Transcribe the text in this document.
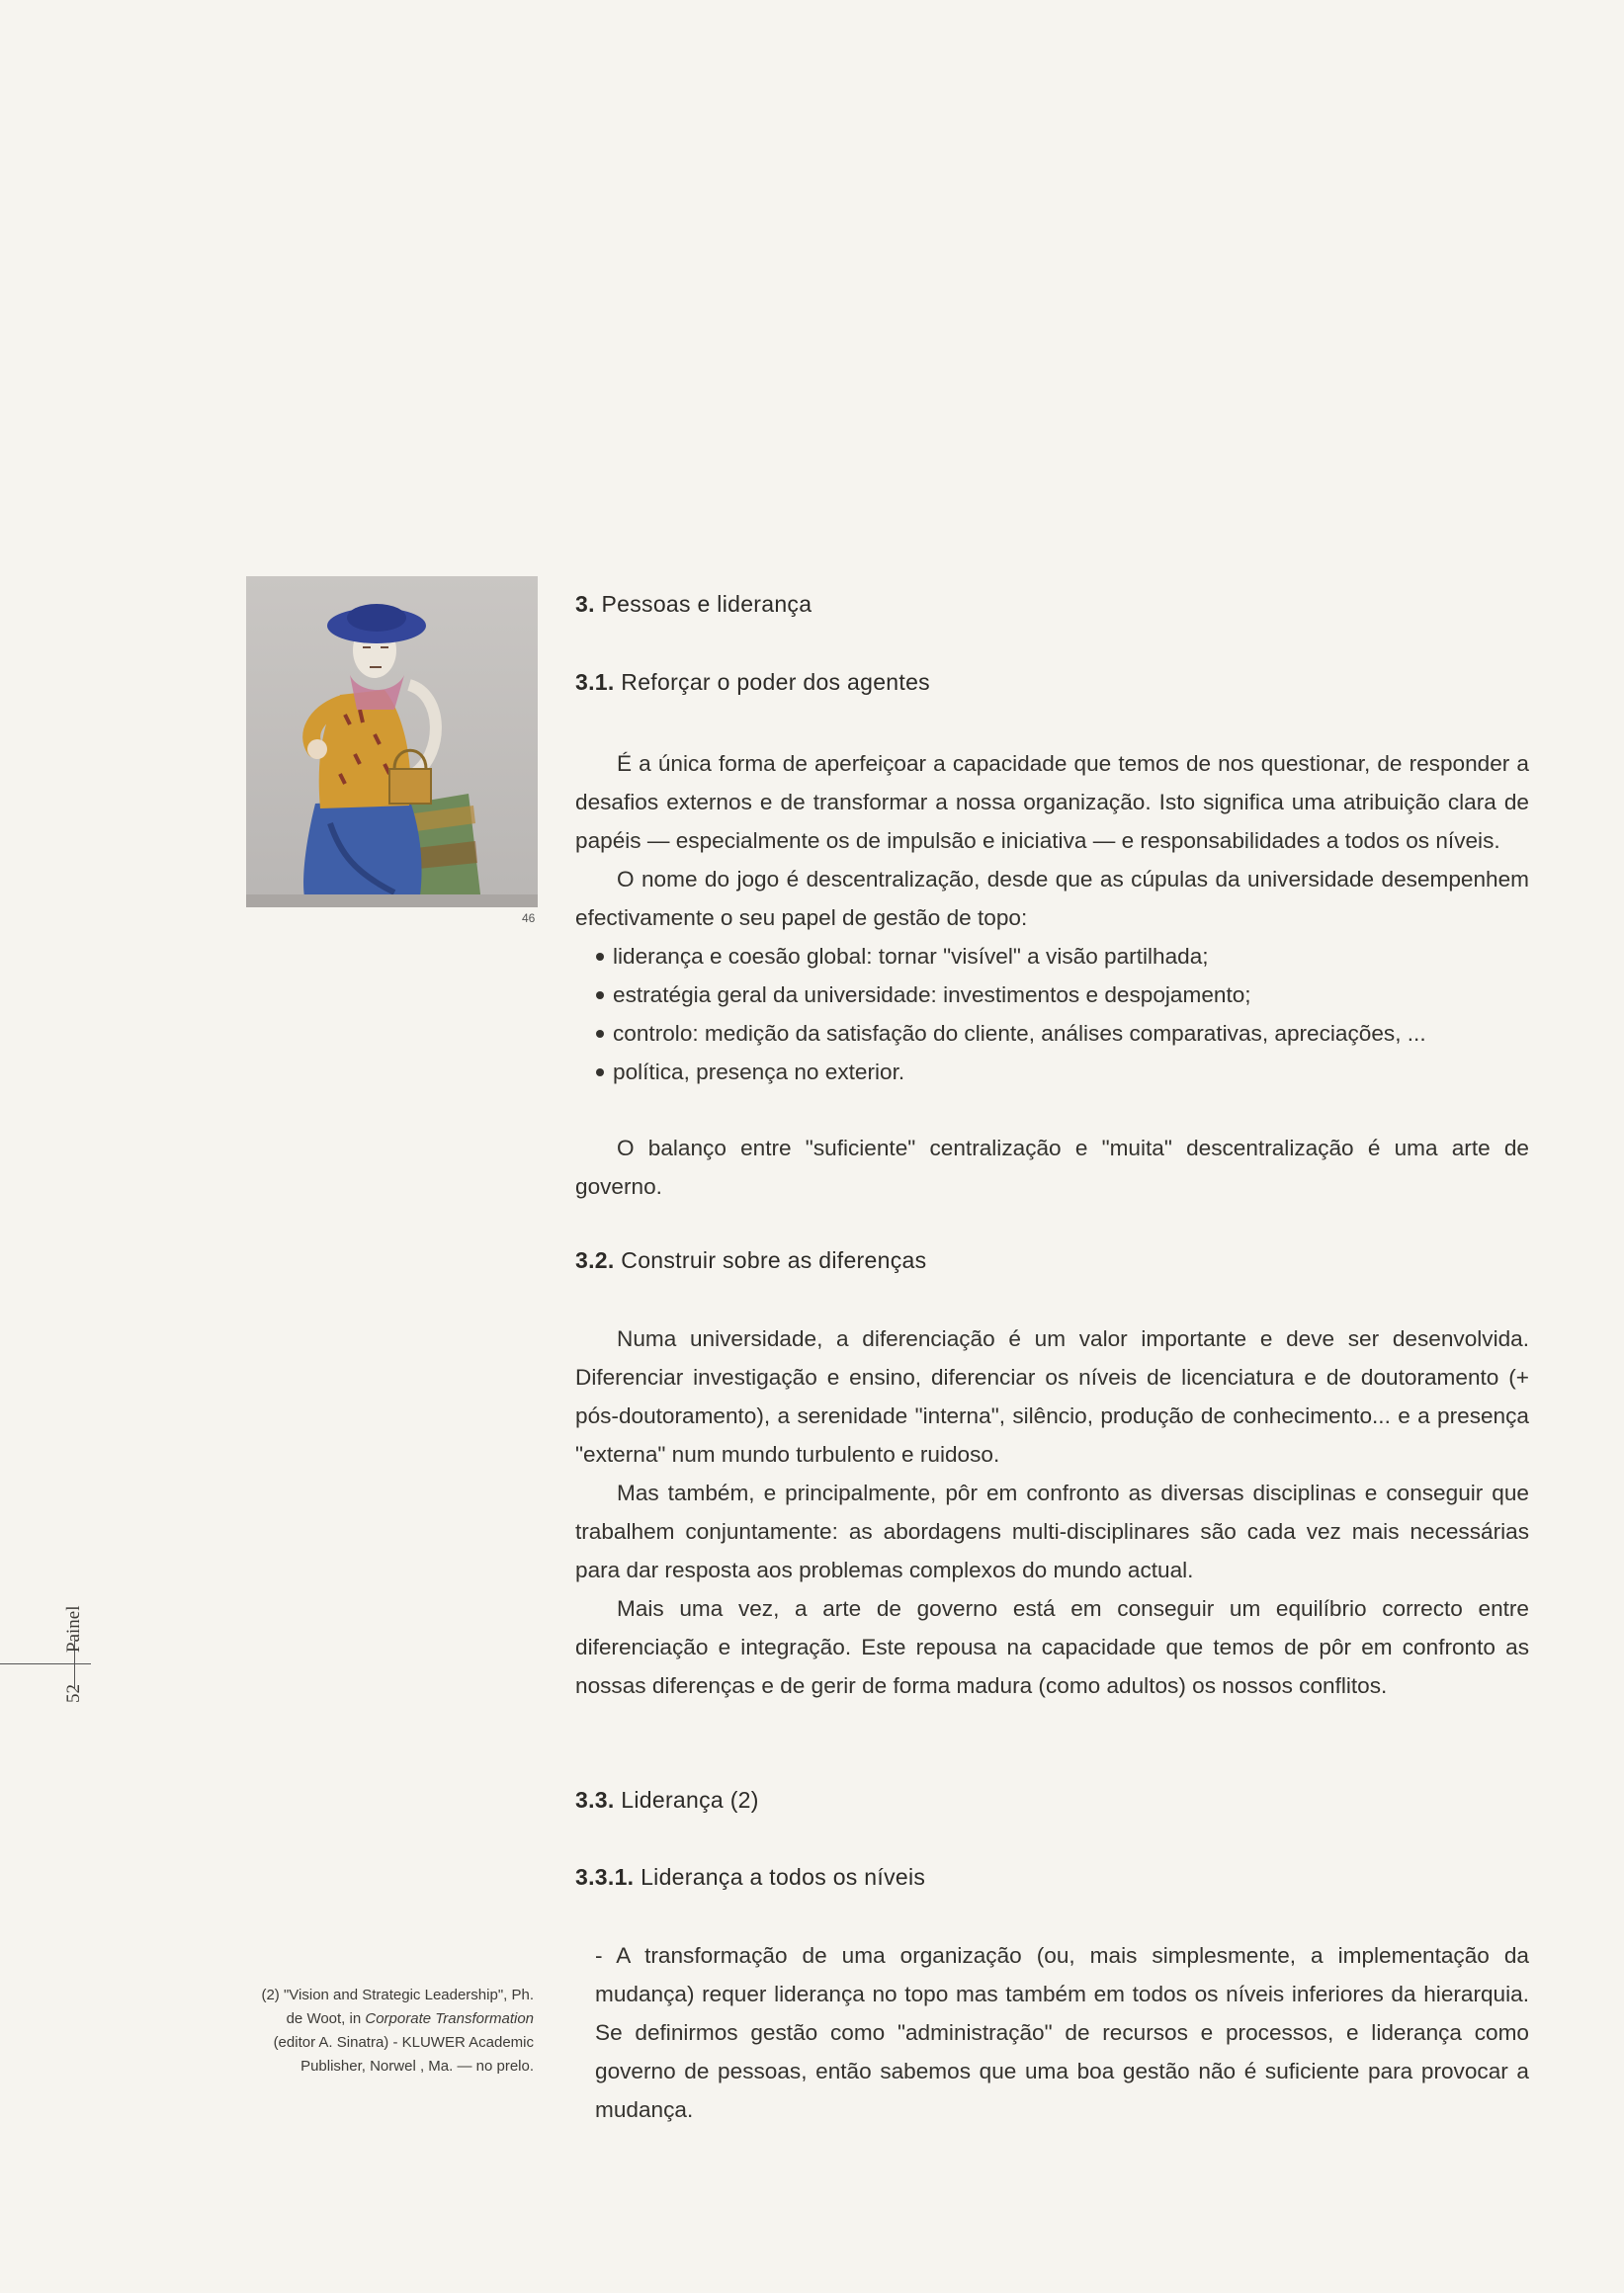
46
3. Pessoas e liderança
3.1. Reforçar o poder dos agentes

É a única forma de aperfeiçoar a capacidade que temos de nos questionar, de responder a desafios externos e de transformar a nossa organização. Isto significa uma atribuição clara de papéis — especialmente os de impulsão e iniciativa — e responsabilidades a todos os níveis.

O nome do jogo é descentralização, desde que as cúpulas da universidade desempenhem efectivamente o seu papel de gestão de topo:

liderança e coesão global: tornar "visível" a visão partilhada;
estratégia geral da universidade: investimentos e despojamento;
controlo: medição da satisfação do cliente, análises comparativas, apreciações, ...
política, presença no exterior.

O balanço entre "suficiente" centralização e "muita" descentralização é uma arte de governo.

3.2. Construir sobre as diferenças

Numa universidade, a diferenciação é um valor importante e deve ser desenvolvida. Diferenciar investigação e ensino, diferenciar os níveis de licenciatura e de doutoramento (+ pós-doutoramento), a serenidade "interna", silêncio, produção de conhecimento... e a presença "externa" num mundo turbulento e ruidoso.

Mas também, e principalmente, pôr em confronto as diversas disciplinas e conseguir que trabalhem conjuntamente: as abordagens multi-disciplinares são cada vez mais necessárias para dar resposta aos problemas complexos do mundo actual.

Mais uma vez, a arte de governo está em conseguir um equilíbrio correcto entre diferenciação e integração. Este repousa na capacidade que temos de pôr em confronto as nossas diferenças e de gerir de forma madura (como adultos) os nossos conflitos.

3.3. Liderança (2)
3.3.1. Liderança a todos os níveis

- A transformação de uma organização (ou, mais simplesmente, a implementação da mudança) requer liderança no topo mas também em todos os níveis inferiores da hierarquia. Se definirmos gestão como "administração" de recursos e processos, e liderança como governo de pessoas, então sabemos que uma boa gestão não é suficiente para provocar a mudança.

(2) "Vision and Strategic Leadership", Ph.
de Woot, in Corporate Transformation
(editor A. Sinatra) - KLUWER Academic
Publisher, Norwel , Ma. — no prelo.
Painel
52
